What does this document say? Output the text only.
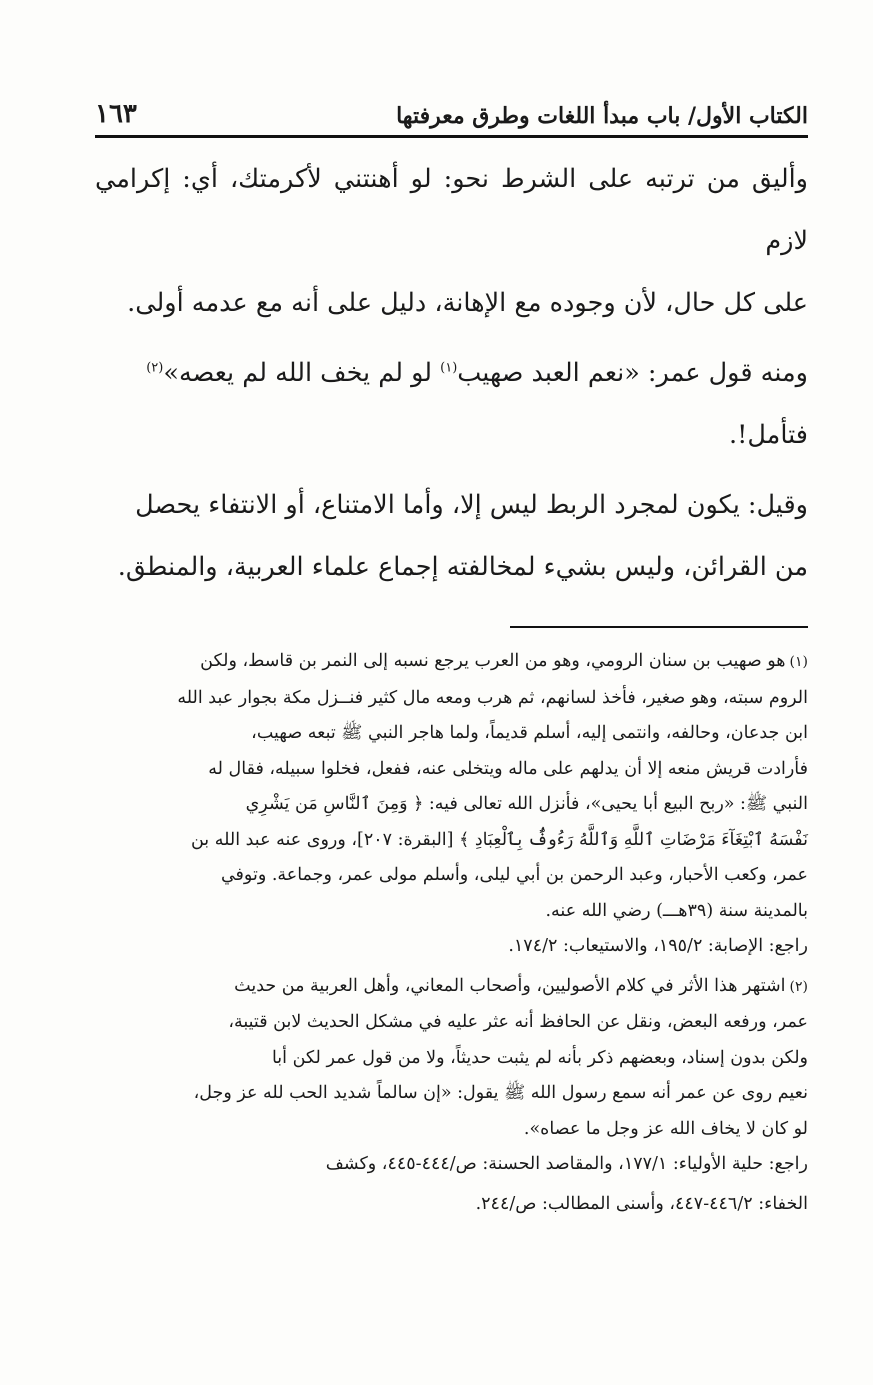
الكتاب الأول/ باب مبدأ اللغات وطرق معرفتها
١٦٣

وأليق من ترتبه على الشرط نحو: لو أهنتني لأكرمتك، أي: إكرامي لازم

على كل حال، لأن وجوده مع الإهانة، دليل على أنه مع عدمه أولى.

ومنه قول عمر: «نعم العبد صهيب$^{(١)}$ لو لم يخف الله لم يعصه»$^{(٢)}$

فتأمل!.

وقيل: يكون لمجرد الربط ليس إلا، وأما الامتناع، أو الانتفاء يحصل

من القرائن، وليس بشيء لمخالفته إجماع علماء العربية، والمنطق.

(١)هو صهيب بن سنان الرومي، وهو من العرب يرجع نسبه إلى النمر بن قاسط، ولكن

الروم سبته، وهو صغير، فأخذ لسانهم، ثم هرب ومعه مال كثير فنــزل مكة بجوار عبد الله

ابن جدعان، وحالفه، وانتمى إليه، أسلم قديماً، ولما هاجر النبي ﷺ تبعه صهيب،

فأرادت قريش منعه إلا أن يدلهم على ماله ويتخلى عنه، ففعل، فخلوا سبيله، فقال له

النبي ﷺ: «ربح البيع أبا يحيى»، فأنزل الله تعالى فيه: ﴿ وَمِنَ ٱلنَّاسِ مَن يَشْرِي

نَفْسَهُ ٱبْتِغَآءَ مَرْضَاتِ ٱللَّهِ وَٱللَّهُ رَءُوفٌۢ بِٱلْعِبَادِ ﴾ [البقرة: ٢٠٧]، وروى عنه عبد الله بن

عمر، وكعب الأحبار، وعبد الرحمن بن أبي ليلى، وأسلم مولى عمر، وجماعة. وتوفي

بالمدينة سنة (٣٩هـــ) رضي الله عنه.

راجع: الإصابة: ١٩٥/٢، والاستيعاب: ١٧٤/٢.

(٢)اشتهر هذا الأثر في كلام الأصوليين، وأصحاب المعاني، وأهل العربية من حديث

عمر، ورفعه البعض، ونقل عن الحافظ أنه عثر عليه في مشكل الحديث لابن قتيبة،

ولكن بدون إسناد، وبعضهم ذكر بأنه لم يثبت حديثاً، ولا من قول عمر لكن أبا

نعيم روى عن عمر أنه سمع رسول الله ﷺ يقول: «إن سالماً شديد الحب لله عز وجل،

لو كان لا يخاف الله عز وجل ما عصاه».

راجع: حلية الأولياء: ١٧٧/١، والمقاصد الحسنة: ص/٤٤٤-٤٤٥، وكشف

الخفاء: ٤٤٦/٢-٤٤٧، وأسنى المطالب: ص/٢٤٤.
